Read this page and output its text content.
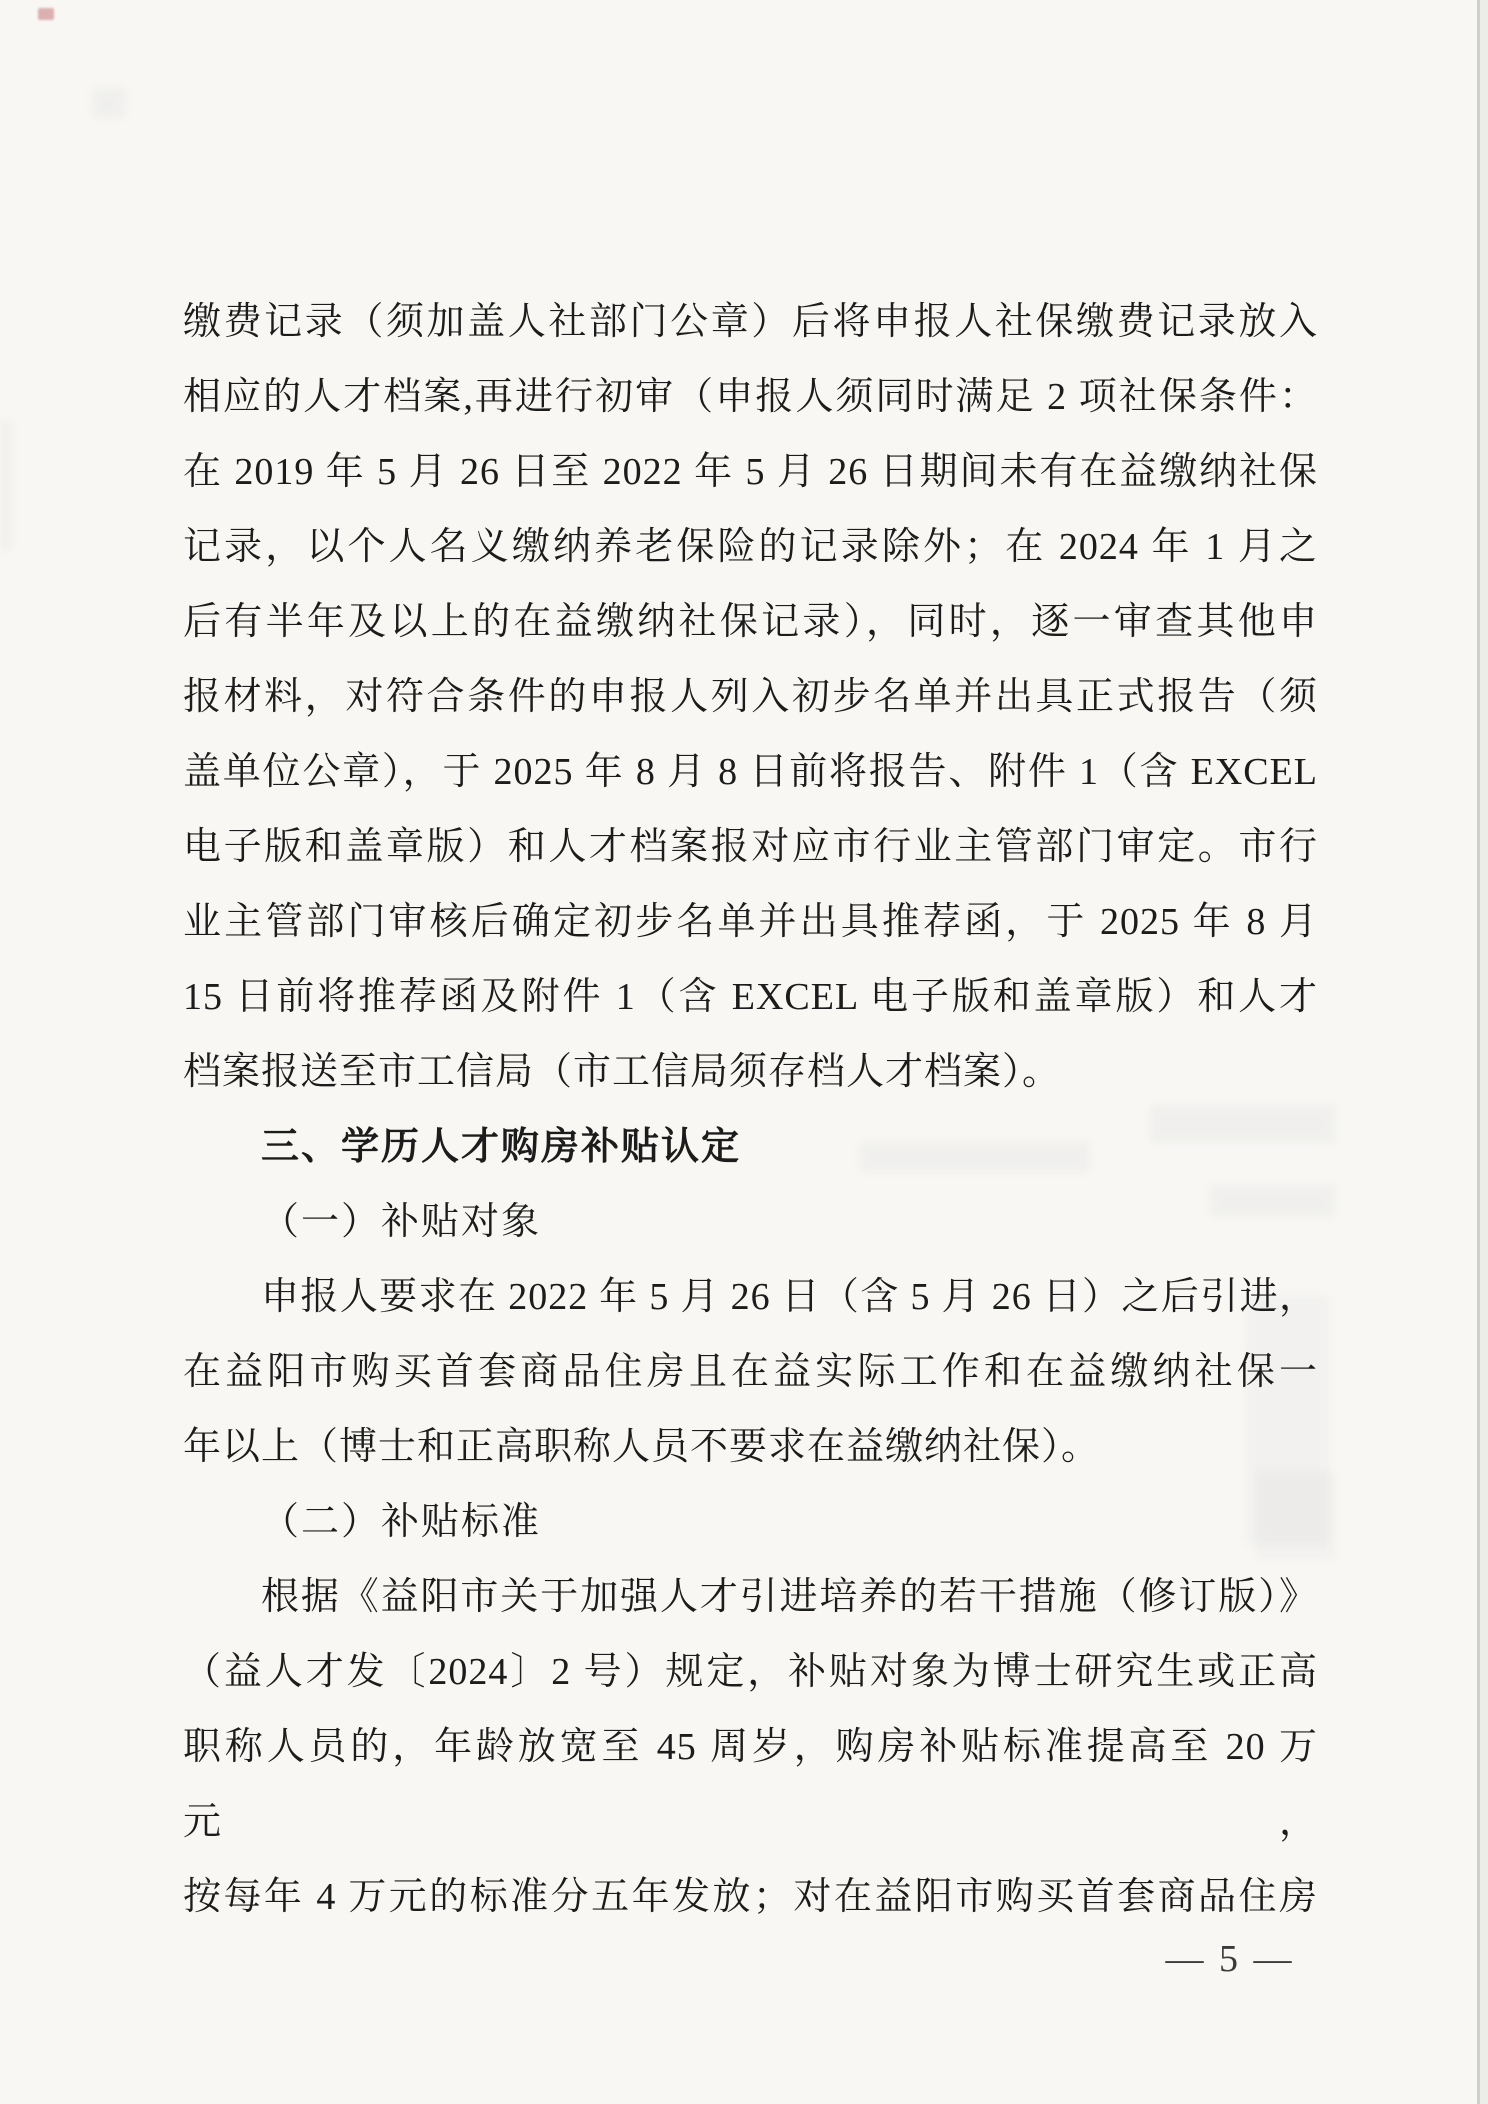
缴费记录（须加盖人社部门公章）后将申报人社保缴费记录放入
相应的人才档案,再进行初审（申报人须同时满足 2 项社保条件：
在 2019 年 5 月 26 日至 2022 年 5 月 26 日期间未有在益缴纳社保
记录，以个人名义缴纳养老保险的记录除外；在 2024 年 1 月之
后有半年及以上的在益缴纳社保记录），同时，逐一审查其他申
报材料，对符合条件的申报人列入初步名单并出具正式报告（须
盖单位公章），于 2025 年 8 月 8 日前将报告、附件 1（含 EXCEL
电子版和盖章版）和人才档案报对应市行业主管部门审定。市行
业主管部门审核后确定初步名单并出具推荐函，于 2025 年 8 月
15 日前将推荐函及附件 1（含 EXCEL 电子版和盖章版）和人才
档案报送至市工信局（市工信局须存档人才档案）。
三、学历人才购房补贴认定
（一）补贴对象
申报人要求在 2022 年 5 月 26 日（含 5 月 26 日）之后引进，
在益阳市购买首套商品住房且在益实际工作和在益缴纳社保一
年以上（博士和正高职称人员不要求在益缴纳社保）。
（二）补贴标准
根据《益阳市关于加强人才引进培养的若干措施（修订版）》
（益人才发〔2024〕2 号）规定，补贴对象为博士研究生或正高
职称人员的，年龄放宽至 45 周岁，购房补贴标准提高至 20 万元，
按每年 4 万元的标准分五年发放；对在益阳市购买首套商品住房
— 5 —
